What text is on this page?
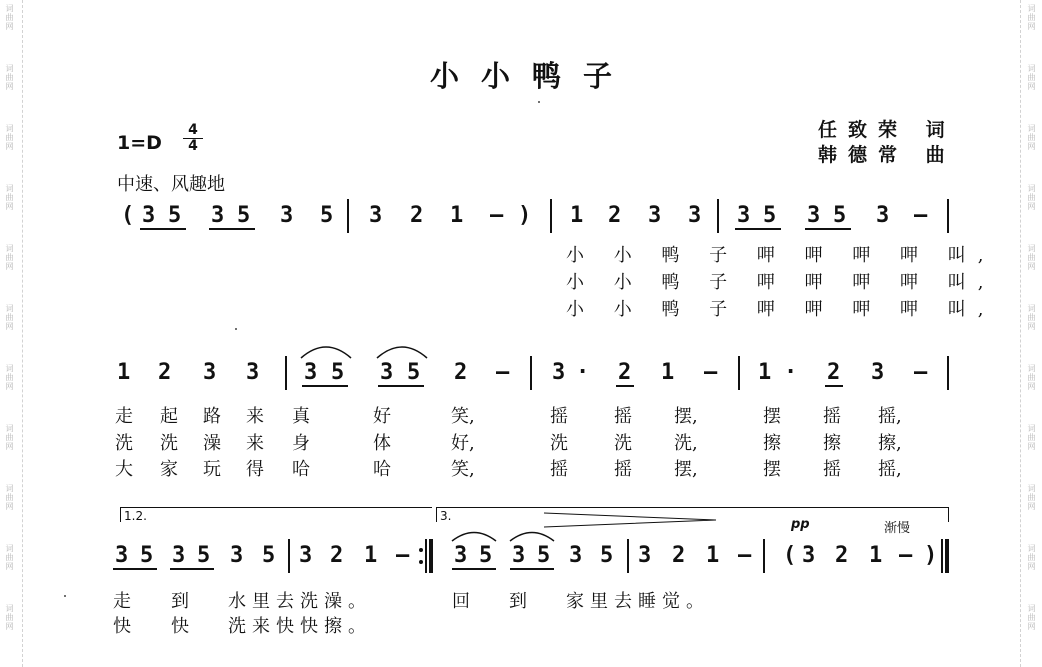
词曲网
词曲网
词曲网
词曲网
词曲网
词曲网
词曲网
词曲网
词曲网
词曲网
词曲网
词曲网
词曲网
词曲网
词曲网
词曲网
词曲网
词曲网
词曲网
词曲网
词曲网
词曲网
小小鸭子
任致荣 词
韩德常 曲
$1=D \frac{4}{4}$
中速、风趣地
( 3 5 3 5 3 5 3 2 1 – ) 1 2 3 3 3 5 3 5 3 –
小 小 鸭 子 呷 呷 呷 呷 叫,
小 小 鸭 子 呷 呷 呷 呷 叫,
小 小 鸭 子 呷 呷 呷 呷 叫,
1 2 3 3 3 5 3 5 2 – 3 · 2 1 – 1 · 2 3 –
走 起 路 来 真	好	笑,	摇	摇 摆,	摆 摇 摇,
洗 洗 澡 来 身	体	好,	洗	洗 洗,	擦 擦 擦,
大 家 玩 得 哈	哈	笑,	摇	摇 摆,	摆 摇 摇,
1.2.	3.
pp	渐慢
3 5 3 5 3 5 3 2 1 – 3 5 3 5 3 5 3 2 1 – ( 3 2 1 – )
走 到 水里去洗澡。	回 到 家里去睡觉。
快 快 洗来快快擦。
